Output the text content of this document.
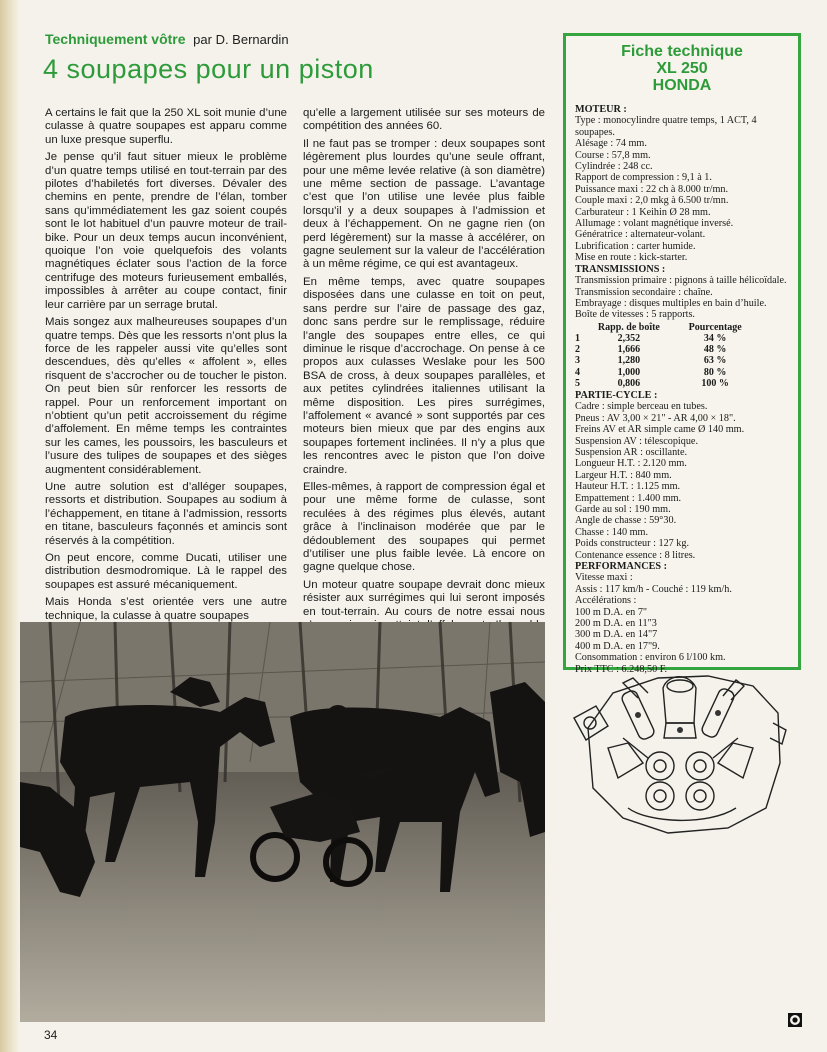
Techniquement vôtre par D. Bernardin
4 soupapes pour un piston

A certains le fait que la 250 XL soit munie d’une culasse à quatre soupapes est apparu comme un luxe presque superflu.

Je pense qu’il faut situer mieux le problème d’un quatre temps utilisé en tout-terrain par des pilotes d’habiletés fort diverses. Dévaler des chemins en pente, prendre de l’élan, tomber sans qu’immédiatement les gaz soient coupés sont le lot habituel d’un pauvre moteur de trail-bike. Pour un deux temps aucun inconvénient, quoique l’on voie quelquefois des volants magnétiques éclater sous l’action de la force centrifuge des moteurs furieusement emballés, impossibles à arrêter au coupe contact, finir leur carrière par un serrage brutal.

Mais songez aux malheureuses soupapes d’un quatre temps. Dès que les ressorts n’ont plus la force de les rappeler aussi vite qu’elles sont descendues, dès qu’elles « affolent », elles risquent de s’accrocher ou de toucher le piston. On peut bien sûr renforcer les ressorts de rappel. Pour un renforcement important on n’obtient qu’un petit accroissement du régime d’affolement. En même temps les contraintes sur les cames, les poussoirs, les basculeurs et l’usure des tulipes de soupapes et des sièges augmentent considérablement.

Une autre solution est d’alléger soupapes, ressorts et distribution. Soupapes au sodium à l’échappement, en titane à l’admission, ressorts en titane, basculeurs façonnés et amincis sont réservés à la compétition.

On peut encore, comme Ducati, utiliser une distribution desmodromique. Là le rappel des soupapes est assuré mécaniquement.

Mais Honda s’est orientée vers une autre technique, la culasse à quatre soupapes

qu’elle a largement utilisée sur ses moteurs de compétition des années 60.

Il ne faut pas se tromper : deux soupapes sont légèrement plus lourdes qu’une seule offrant, pour une même levée relative (à son diamètre) une même section de passage. L’avantage c’est que l’on utilise une levée plus faible lorsqu’il y a deux soupapes à l’admission et deux à l’échappement. On ne gagne rien (on perd légèrement) sur la masse à accélérer, on gagne seulement sur la valeur de l’accélération à un même régime, ce qui est avantageux.

En même temps, avec quatre soupapes disposées dans une culasse en toit on peut, sans perdre sur l’aire de passage des gaz, donc sans perdre sur le remplissage, réduire l’angle des soupapes entre elles, ce qui diminue le risque d’accrochage. On pense à ce propos aux culasses Weslake pour les 500 BSA de cross, à deux soupapes parallèles, et aux petites cylindrées italiennes utilisant la même disposition. Les pires surrégimes, l’affolement « avancé » sont supportés par ces moteurs bien mieux que par des engins aux soupapes fortement inclinées. Il n’y a plus que les rencontres avec le piston que l’on doive craindre.

Elles-mêmes, à rapport de compression égal et pour une même forme de culasse, sont reculées à des régimes plus élevés, autant grâce à l’inclinaison modérée que par le dédoublement des soupapes qui permet d’utiliser une plus faible levée. Là encore on gagne quelque chose.

Un moteur quatre soupape devrait donc mieux résister aux surrégimes qui lui seront imposés en tout-terrain. Au cours de notre essai nous

Fiche technique
XL 250
HONDA
MOTEUR :
Type : monocylindre quatre temps, 1 ACT, 4 soupapes.
Alésage : 74 mm.
Course : 57,8 mm.
Cylindrée : 248 cc.
Rapport de compression : 9,1 à 1.
Puissance maxi : 22 ch à 8.000 tr/mn.
Couple maxi : 2,0 mkg à 6.500 tr/mn.
Carburateur : 1 Keihin Ø 28 mm.
Allumage : volant magnétique inversé.
Génératrice : alternateur-volant.
Lubrification : carter humide.
Mise en route : kick-starter.
TRANSMISSIONS :
Transmission primaire : pignons à taille hélicoïdale.
Transmission secondaire : chaîne.
Embrayage : disques multiples en bain d’huile.
Boîte de vitesses : 5 rapports.
	Rapp. de boîte	Pourcentage
1	2,352	34 %
2	1,666	48 %
3	1,280	63 %
4	1,000	80 %
5	0,806	100 %
PARTIE-CYCLE :
Cadre : simple berceau en tubes.
Pneus : AV 3,00 × 21" - AR 4,00 × 18".
Freins AV et AR simple came Ø 140 mm.
Suspension AV : télescopique.
Suspension AR : oscillante.
Longueur H.T. : 2.120 mm.
Largeur H.T. : 840 mm.
Hauteur H.T. : 1.125 mm.
Empattement : 1.400 mm.
Garde au sol : 190 mm.
Angle de chasse : 59°30.
Chasse : 140 mm.
Poids constructeur : 127 kg.
Contenance essence : 8 litres.
PERFORMANCES :
Vitesse maxi :
Assis : 117 km/h - Couché : 119 km/h.
Accélérations :
100 m D.A. en 7"
200 m D.A. en 11"3
300 m D.A. en 14"7
400 m D.A. en 17"9.
Consommation : environ 6 l/100 km.
Prix TTC : 6.248,50 F.
34
